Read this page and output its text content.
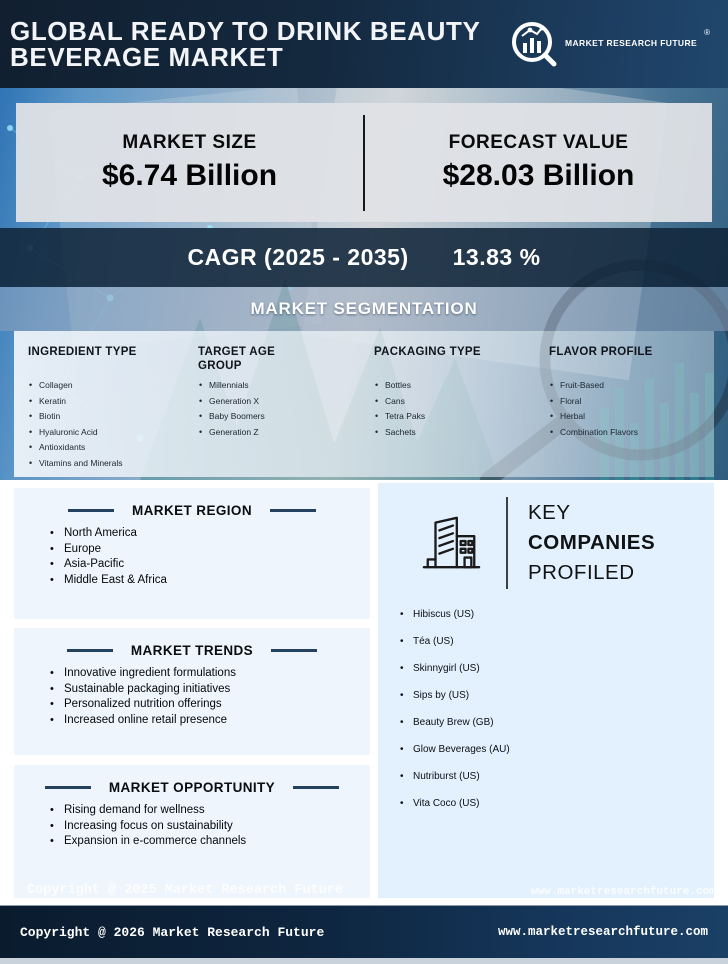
GLOBAL READY TO DRINK BEAUTY
BEVERAGE MARKET	MARKET RESEARCH FUTURE
®
MARKET SIZE
$6.74 Billion
FORECAST VALUE
$28.03 Billion
CAGR (2025 - 2035) 13.83 %
MARKET SEGMENTATION
INGREDIENT TYPE
• Collagen
• Keratin
• Biotin
• Hyaluronic Acid
• Antioxidants
• Vitamins and Minerals
TARGET AGE GROUP
• Millennials
• Generation X
• Baby Boomers
• Generation Z
PACKAGING TYPE
• Bottles
• Cans
• Tetra Paks
• Sachets
FLAVOR PROFILE
• Fruit-Based
• Floral
• Herbal
• Combination Flavors
MARKET REGION
• North America
• Europe
• Asia-Pacific
• Middle East & Africa
MARKET TRENDS
• Innovative ingredient formulations
• Sustainable packaging initiatives
• Personalized nutrition offerings
• Increased online retail presence
MARKET OPPORTUNITY
• Rising demand for wellness
• Increasing focus on sustainability
• Expansion in e-commerce channels
KEY
COMPANIES
PROFILED
• Hibiscus (US)
• Téa (US)
• Skinnygirl (US)
• Sips by (US)
• Beauty Brew (GB)
• Glow Beverages (AU)
• Nutriburst (US)
• Vita Coco (US)
Copyright @ 2025 Market Research Future	www.marketresearchfuture.com
Copyright @ 2026 Market Research Future	www.marketresearchfuture.com
